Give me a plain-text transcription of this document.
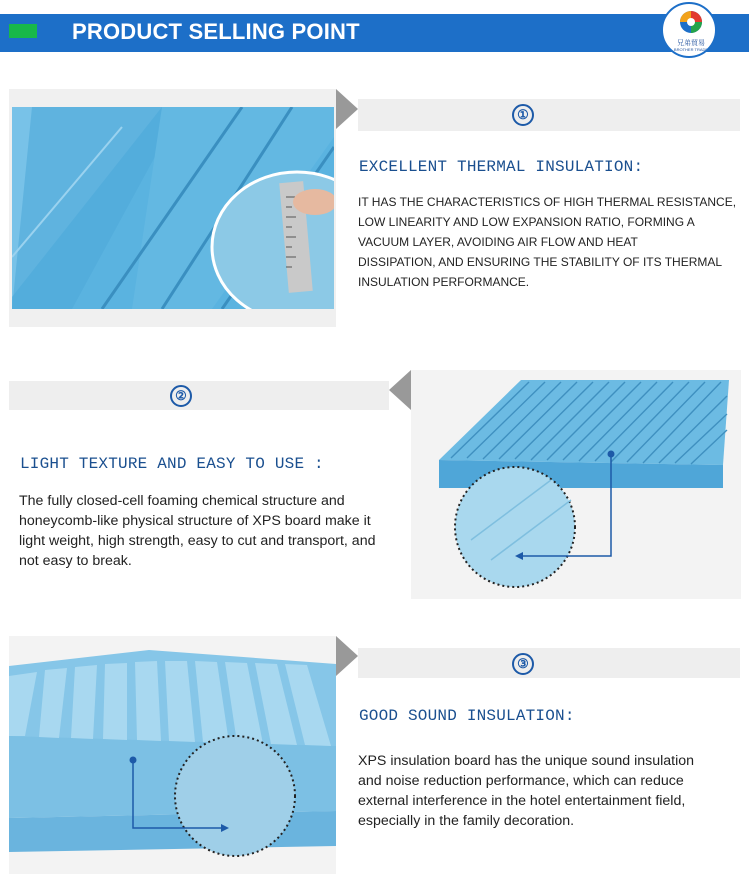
PRODUCT SELLING POINT	兄弟貿易
BROTHER TRADE
①
EXCELLENT THERMAL INSULATION:
IT HAS THE CHARACTERISTICS OF HIGH THERMAL RESISTANCE,
LOW LINEARITY AND LOW EXPANSION RATIO, FORMING A
VACUUM LAYER, AVOIDING AIR FLOW AND HEAT
DISSIPATION, AND ENSURING THE STABILITY OF ITS THERMAL
INSULATION PERFORMANCE.
②
LIGHT TEXTURE AND EASY TO USE :
The fully closed-cell foaming chemical structure and
honeycomb-like physical structure of XPS board make it
light weight, high strength, easy to cut and transport, and
not easy to break.
③
GOOD SOUND INSULATION:
XPS insulation board has the unique sound insulation
and noise reduction performance, which can reduce
external interference in the hotel entertainment field,
especially in the family decoration.
